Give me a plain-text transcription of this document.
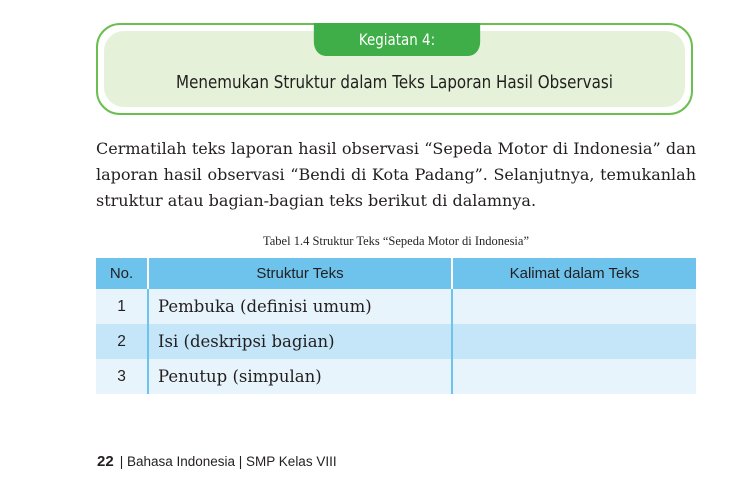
Kegiatan 4:
Menemukan Struktur dalam Teks Laporan Hasil Observasi

Cermatilah teks laporan hasil observasi “Sepeda Motor di Indonesia” dan laporan hasil observasi “Bendi di Kota Padang”. Selanjutnya, temukanlah struktur atau bagian-bagian teks berikut di dalamnya.

Tabel 1.4 Struktur Teks “Sepeda Motor di Indonesia”
No.	Struktur Teks	Kalimat dalam Teks
1	Pembuka (definisi umum)	
2	Isi (deskripsi bagian)	
3	Penutup (simpulan)	
22 | Bahasa Indonesia | SMP Kelas VIII
